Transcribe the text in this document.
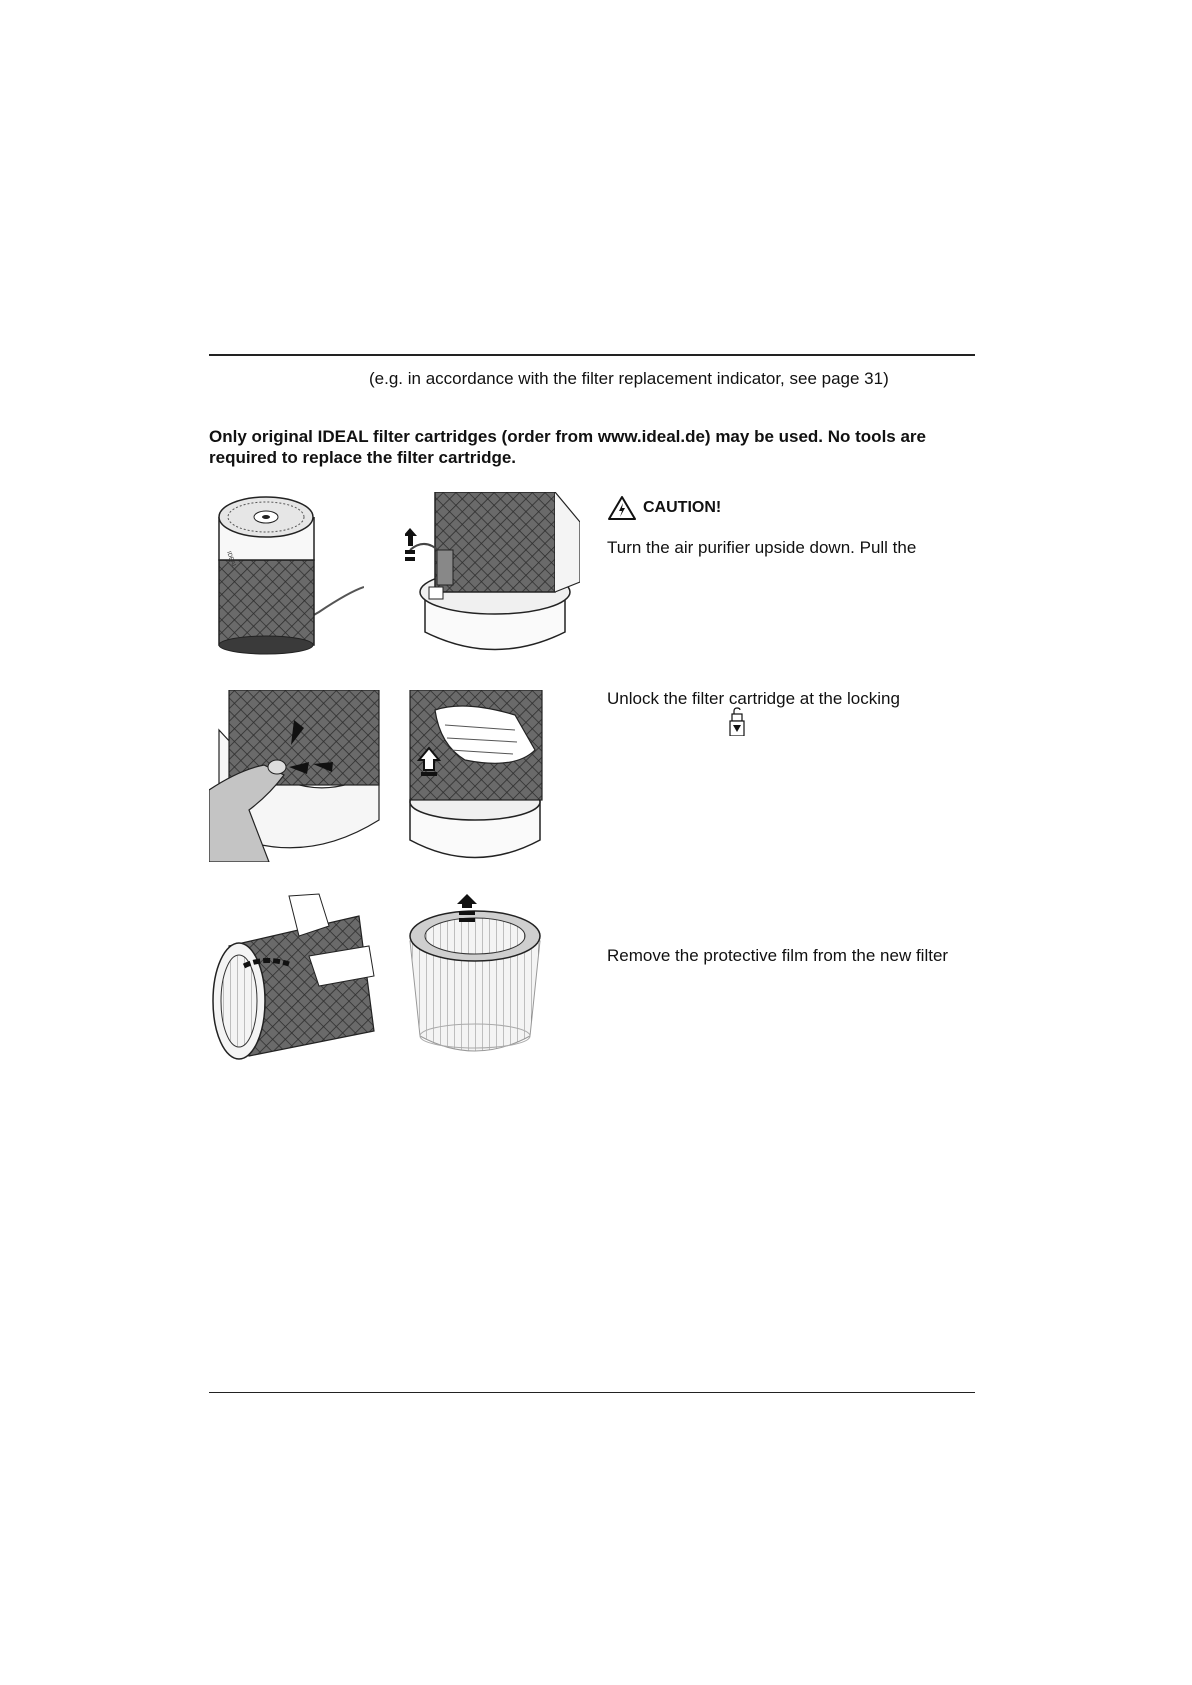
(e.g. in accordance with the filter replacement indicator, see page 31)
Only original IDEAL filter cartridges (order from www.ideal.de) may be used. No tools are
required to replace the filter cartridge.
IDEAL
CAUTION!
Turn the air purifier upside down. Pull the
Unlock the filter cartridge at the locking
Remove the protective film from the new filter
